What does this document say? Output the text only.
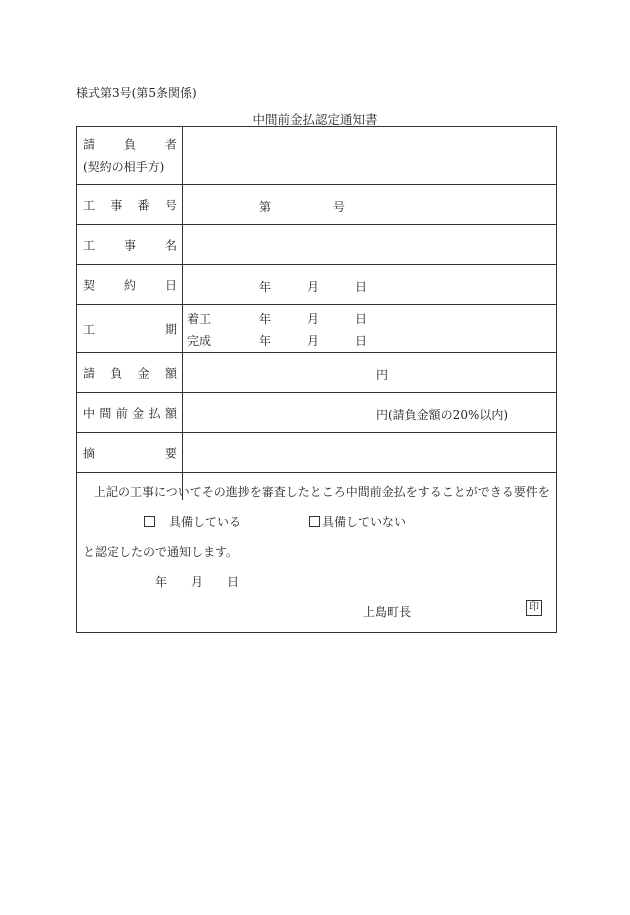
様式第3号(第5条関係)
中間前金払認定通知書
請 負 者
(契約の相手方)
工 事 番 号	第	号
工 事 名
契 約 日	年	月	日
工	期
着工	年	月	日
完成	年	月	日
請 負 金 額	円
中 間 前 金 払 額	円(請負金額の20%以内)
摘	要
上記の工事についてその進捗を審査したところ中間前金払をすることができる要件を
具備している	具備していない
と認定したので通知します。
年 月 日
上島町長	印
